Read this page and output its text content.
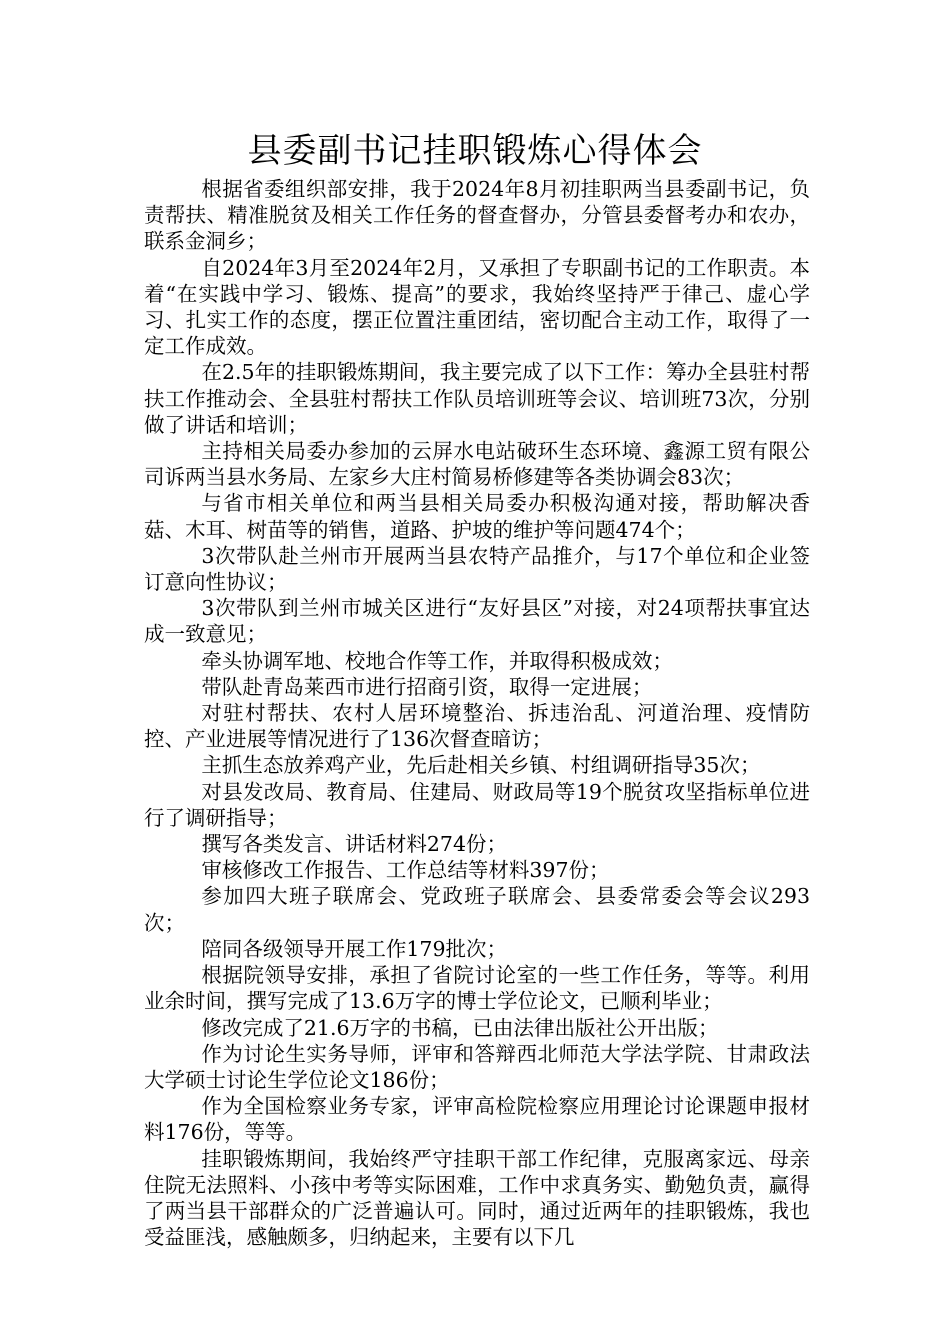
县委副书记挂职锻炼心得体会

根据省委组织部安排，我于2024年8月初挂职两当县委副书记，负责帮扶、精准脱贫及相关工作任务的督查督办，分管县委督考办和农办，联系金洞乡；

自2024年3月至2024年2月，又承担了专职副书记的工作职责。本着“在实践中学习、锻炼、提高”的要求，我始终坚持严于律己、虚心学习、扎实工作的态度，摆正位置注重团结，密切配合主动工作，取得了一定工作成效。

在2.5年的挂职锻炼期间，我主要完成了以下工作：筹办全县驻村帮扶工作推动会、全县驻村帮扶工作队员培训班等会议、培训班73次，分别做了讲话和培训；

主持相关局委办参加的云屏水电站破环生态环境、鑫源工贸有限公司诉两当县水务局、左家乡大庄村简易桥修建等各类协调会83次；

与省市相关单位和两当县相关局委办积极沟通对接，帮助解决香菇、木耳、树苗等的销售，道路、护坡的维护等问题474个；

3次带队赴兰州市开展两当县农特产品推介，与17个单位和企业签订意向性协议；

3次带队到兰州市城关区进行“友好县区”对接，对24项帮扶事宜达成一致意见；

牵头协调军地、校地合作等工作，并取得积极成效；

带队赴青岛莱西市进行招商引资，取得一定进展；

对驻村帮扶、农村人居环境整治、拆违治乱、河道治理、疫情防控、产业进展等情况进行了136次督查暗访；

主抓生态放养鸡产业，先后赴相关乡镇、村组调研指导35次；

对县发改局、教育局、住建局、财政局等19个脱贫攻坚指标单位进行了调研指导；

撰写各类发言、讲话材料274份；

审核修改工作报告、工作总结等材料397份；

参加四大班子联席会、党政班子联席会、县委常委会等会议293次；

陪同各级领导开展工作179批次；

根据院领导安排，承担了省院讨论室的一些工作任务，等等。利用业余时间，撰写完成了13.6万字的博士学位论文，已顺利毕业；

修改完成了21.6万字的书稿，已由法律出版社公开出版；

作为讨论生实务导师，评审和答辩西北师范大学法学院、甘肃政法大学硕士讨论生学位论文186份；

作为全国检察业务专家，评审高检院检察应用理论讨论课题申报材料176份，等等。

挂职锻炼期间，我始终严守挂职干部工作纪律，克服离家远、母亲住院无法照料、小孩中考等实际困难，工作中求真务实、勤勉负责，赢得了两当县干部群众的广泛普遍认可。同时，通过近两年的挂职锻炼，我也受益匪浅，感触颇多，归纳起来，主要有以下几
